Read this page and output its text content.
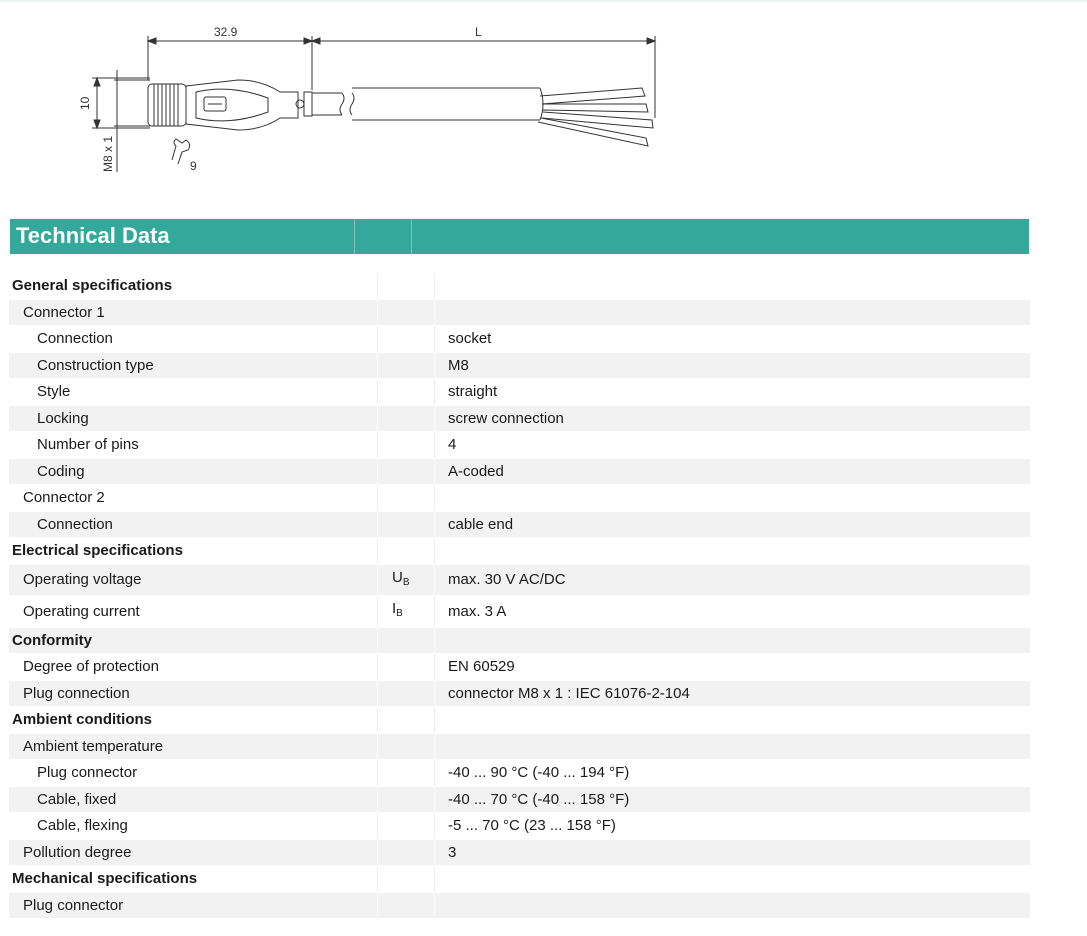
32.9	L
10
M8 x 1	9
Technical Data
General specifications		
Connector 1		
Connection		socket
Construction type		M8
Style		straight
Locking		screw connection
Number of pins		4
Coding		A-coded
Connector 2		
Connection		cable end
Electrical specifications		
Operating voltage	$U_B$	max. 30 V AC/DC
Operating current	$I_B$	max. 3 A
Conformity		
Degree of protection		EN 60529
Plug connection		connector M8 x 1 : IEC 61076-2-104
Ambient conditions		
Ambient temperature		
Plug connector		-40 ... 90 °C (-40 ... 194 °F)
Cable, fixed		-40 ... 70 °C (-40 ... 158 °F)
Cable, flexing		-5 ... 70 °C (23 ... 158 °F)
Pollution degree		3
Mechanical specifications		
Plug connector		
